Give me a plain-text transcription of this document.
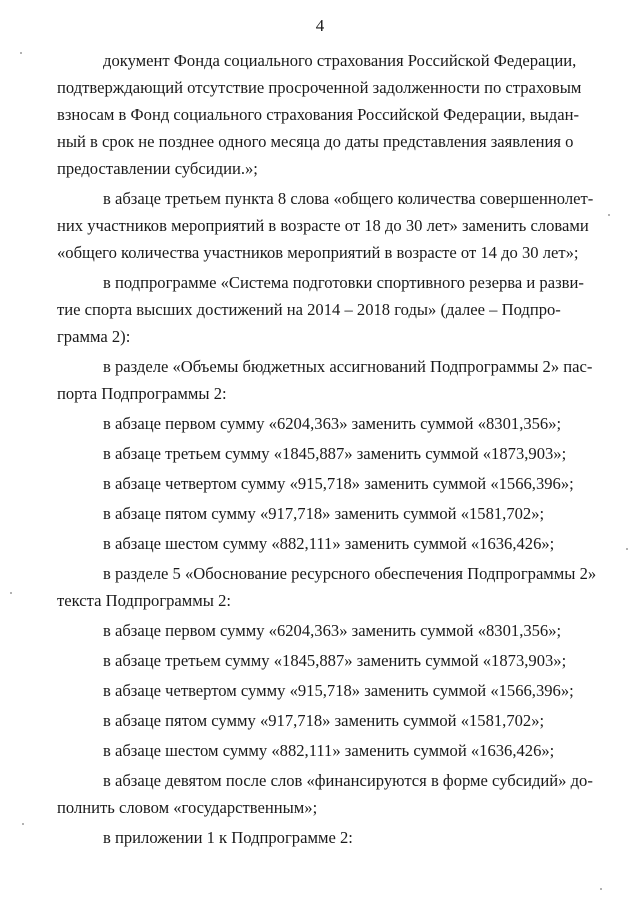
4
документ Фонда социального страхования Российской Федерации,
подтверждающий отсутствие просроченной задолженности по страховым
взносам в Фонд социального страхования Российской Федерации, выдан-
ный в срок не позднее одного месяца до даты представления заявления о
предоставлении субсидии.»;
в абзаце третьем пункта 8 слова «общего количества совершеннолет-
них участников мероприятий в возрасте от 18 до 30 лет» заменить словами
«общего количества участников мероприятий в возрасте от 14 до 30 лет»;
в подпрограмме «Система подготовки спортивного резерва и разви-
тие спорта высших достижений на 2014 – 2018 годы» (далее – Подпро-
грамма 2):
в разделе «Объемы бюджетных ассигнований Подпрограммы 2» пас-
порта Подпрограммы 2:
в абзаце первом сумму «6204,363» заменить суммой «8301,356»;
в абзаце третьем сумму «1845,887» заменить суммой «1873,903»;
в абзаце четвертом сумму «915,718» заменить суммой «1566,396»;
в абзаце пятом сумму «917,718» заменить суммой «1581,702»;
в абзаце шестом сумму «882,111» заменить суммой «1636,426»;
в разделе 5 «Обоснование ресурсного обеспечения Подпрограммы 2»
текста Подпрограммы 2:
в абзаце первом сумму «6204,363» заменить суммой «8301,356»;
в абзаце третьем сумму «1845,887» заменить суммой «1873,903»;
в абзаце четвертом сумму «915,718» заменить суммой «1566,396»;
в абзаце пятом сумму «917,718» заменить суммой «1581,702»;
в абзаце шестом сумму «882,111» заменить суммой «1636,426»;
в абзаце девятом после слов «финансируются в форме субсидий» до-
полнить словом «государственным»;
в приложении 1 к Подпрограмме 2:
